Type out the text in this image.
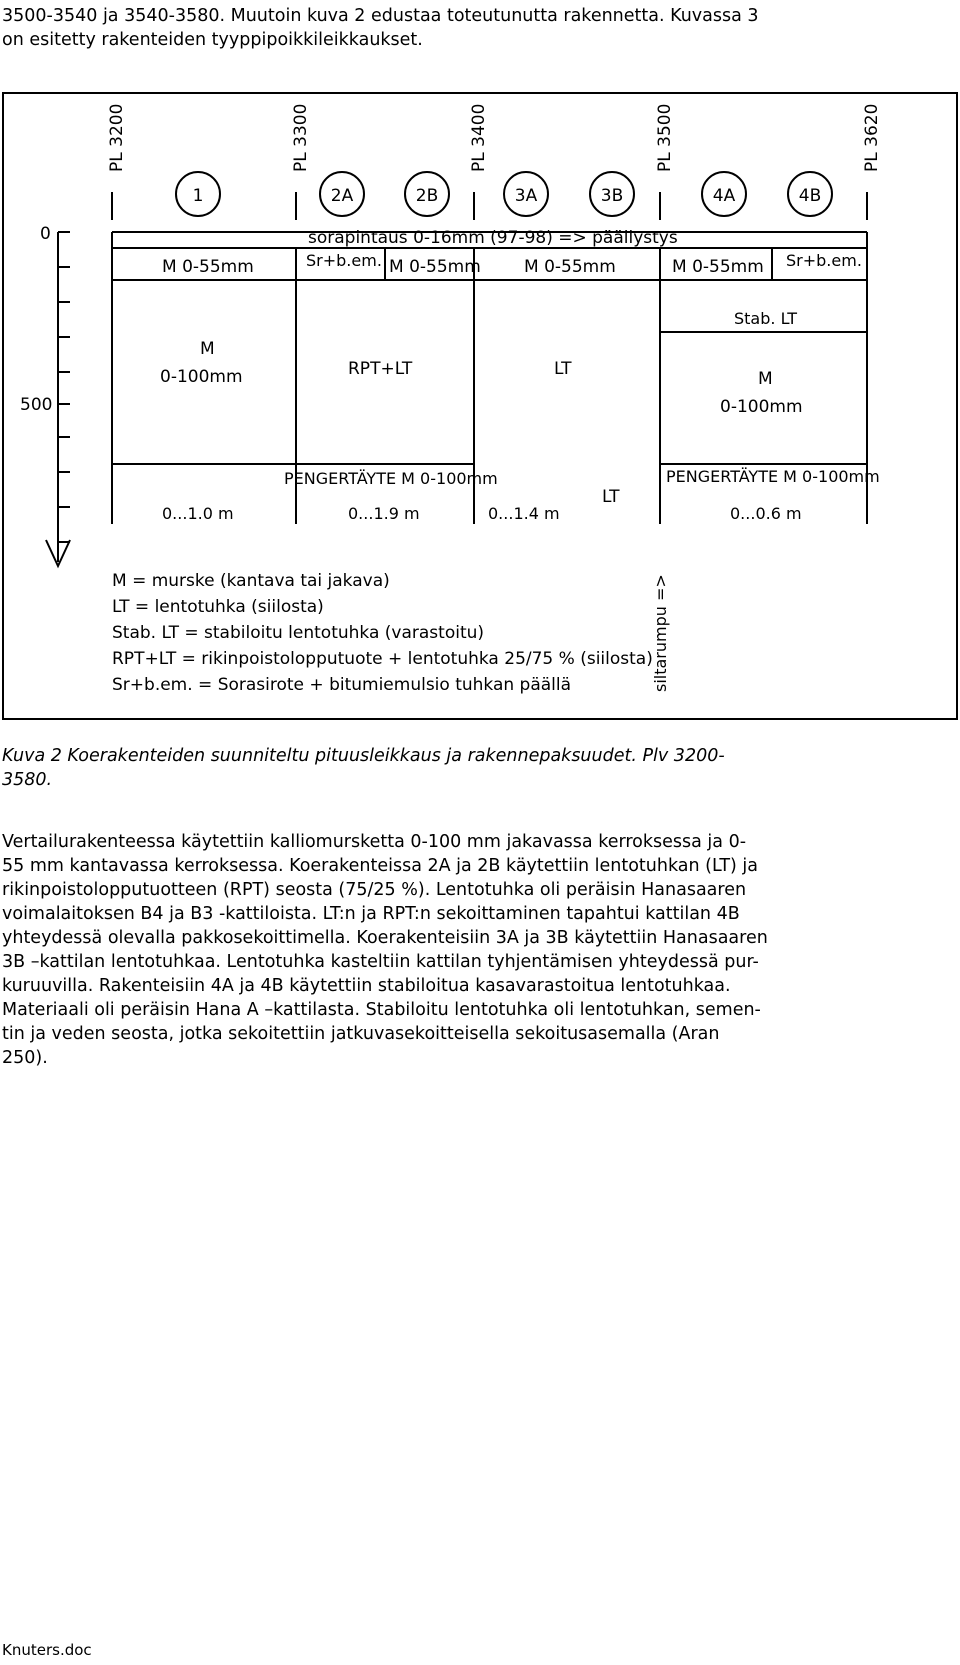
3500-3540 ja 3540-3580. Muutoin kuva 2 edustaa toteutunutta rakennetta. Kuvassa 3
on esitetty rakenteiden tyyppipoikkileikkaukset.
PL 3200	PL 3300	PL 3400	PL 3500	PL 3620
1	2A	2B	3A	3B	4A	4B
0
500
sorapintaus 0-16mm (97-98) => päällystys
M 0-55mm	Sr+b.em. M 0-55mm	M 0-55mm	M 0-55mm Sr+b.em.
Stab. LT
M
0-100mm	RPT+LT	LT	M
0-100mm
PENGERTÄYTE M 0-100mm	PENGERTÄYTE M 0-100mm
LT
0...1.0 m	0...1.9 m	0...1.4 m	0...0.6 m
M = murske (kantava tai jakava)
LT = lentotuhka (siilosta)
Stab. LT = stabiloitu lentotuhka (varastoitu)
RPT+LT = rikinpoistolopputuote + lentotuhka 25/75 % (siilosta)
Sr+b.em. = Sorasirote + bitumiemulsio tuhkan päällä	siltarumpu =>
Kuva 2 Koerakenteiden suunniteltu pituusleikkaus ja rakennepaksuudet. Plv 3200-
3580.
Vertailurakenteessa käytettiin kalliomursketta 0-100 mm jakavassa kerroksessa ja 0-
55 mm kantavassa kerroksessa. Koerakenteissa 2A ja 2B käytettiin lentotuhkan (LT) ja
rikinpoistolopputuotteen (RPT) seosta (75/25 %). Lentotuhka oli peräisin Hanasaaren
voimalaitoksen B4 ja B3 -kattiloista. LT:n ja RPT:n sekoittaminen tapahtui kattilan 4B
yhteydessä olevalla pakkosekoittimella. Koerakenteisiin 3A ja 3B käytettiin Hanasaaren
3B –kattilan lentotuhkaa. Lentotuhka kasteltiin kattilan tyhjentämisen yhteydessä pur-
kuruuvilla. Rakenteisiin 4A ja 4B käytettiin stabiloitua kasavarastoitua lentotuhkaa.
Materiaali oli peräisin Hana A –kattilasta. Stabiloitu lentotuhka oli lentotuhkan, semen-
tin ja veden seosta, jotka sekoitettiin jatkuvasekoitteisella sekoitusasemalla (Aran
250).
Knuters.doc
